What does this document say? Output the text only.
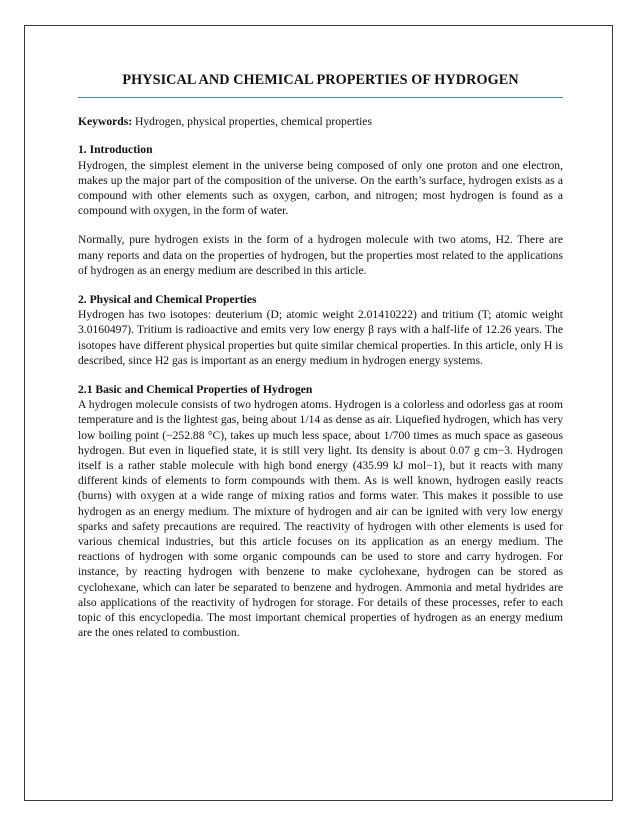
PHYSICAL AND CHEMICAL PROPERTIES OF HYDROGEN
Keywords: Hydrogen, physical properties, chemical properties
1. Introduction

Hydrogen, the simplest element in the universe being composed of only one proton and one electron, makes up the major part of the composition of the universe. On the earth’s surface, hydrogen exists as a compound with other elements such as oxygen, carbon, and nitrogen; most hydrogen is found as a compound with oxygen, in the form of water.

Normally, pure hydrogen exists in the form of a hydrogen molecule with two atoms, H2. There are many reports and data on the properties of hydrogen, but the properties most related to the applications of hydrogen as an energy medium are described in this article.

2. Physical and Chemical Properties

Hydrogen has two isotopes: deuterium (D; atomic weight 2.01410222) and tritium (T; atomic weight 3.0160497). Tritium is radioactive and emits very low energy β rays with a half-life of 12.26 years. The isotopes have different physical properties but quite similar chemical properties. In this article, only H is described, since H2 gas is important as an energy medium in hydrogen energy systems.

2.1 Basic and Chemical Properties of Hydrogen

A hydrogen molecule consists of two hydrogen atoms. Hydrogen is a colorless and odorless gas at room temperature and is the lightest gas, being about 1/14 as dense as air. Liquefied hydrogen, which has very low boiling point (−252.88 °C), takes up much less space, about 1/700 times as much space as gaseous hydrogen. But even in liquefied state, it is still very light. Its density is about 0.07 g cm−3. Hydrogen itself is a rather stable molecule with high bond energy (435.99 kJ mol−1), but it reacts with many different kinds of elements to form compounds with them. As is well known, hydrogen easily reacts (burns) with oxygen at a wide range of mixing ratios and forms water. This makes it possible to use hydrogen as an energy medium. The mixture of hydrogen and air can be ignited with very low energy sparks and safety precautions are required. The reactivity of hydrogen with other elements is used for various chemical industries, but this article focuses on its application as an energy medium. The reactions of hydrogen with some organic compounds can be used to store and carry hydrogen. For instance, by reacting hydrogen with benzene to make cyclohexane, hydrogen can be stored as cyclohexane, which can later be separated to benzene and hydrogen. Ammonia and metal hydrides are also applications of the reactivity of hydrogen for storage. For details of these processes, refer to each topic of this encyclopedia. The most important chemical properties of hydrogen as an energy medium are the ones related to combustion.
